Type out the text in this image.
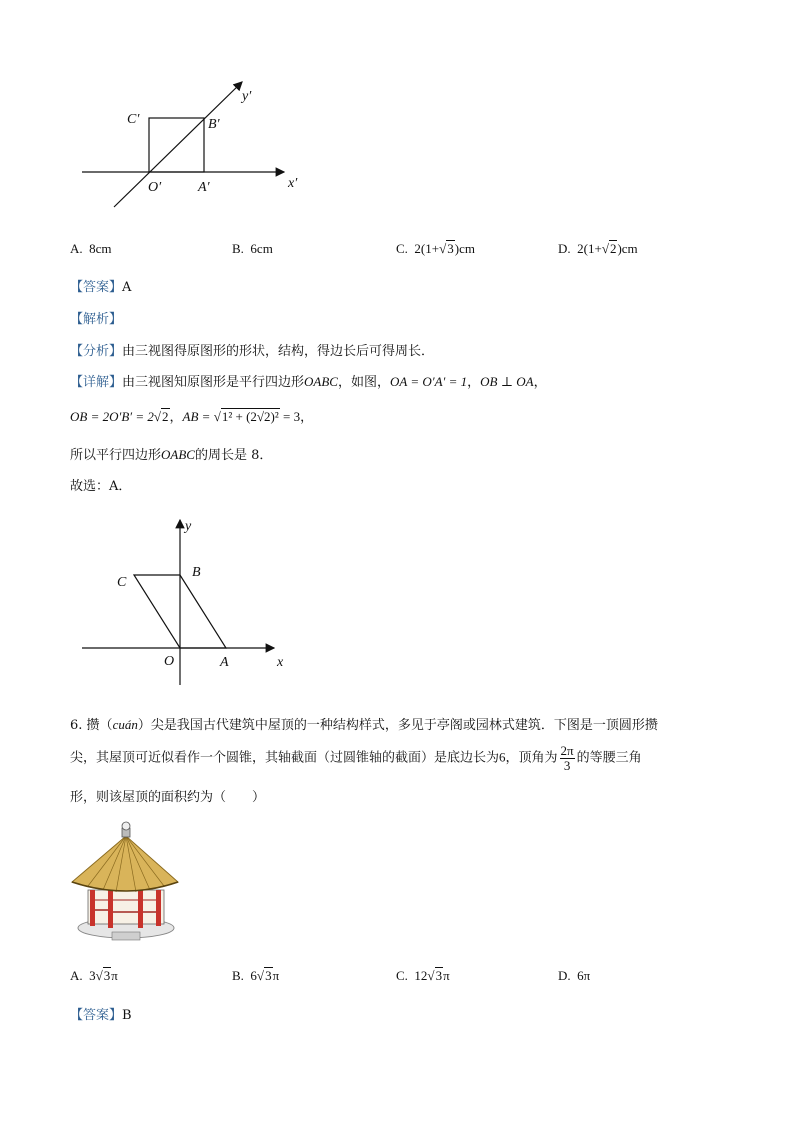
y′
C′	B′
O′	A′	x′
A. 8cm	B. 6cm	C. 2(1+√3)cm	D. 2(1+√2)cm
【答案】A
【解析】
【分析】由三视图得原图形的形状，结构，得边长后可得周长．
【详解】由三视图知原图形是平行四边形OABC，如图，OA = O′A′ = 1，OB ⊥ OA，
OB = 2O′B′ = 2√2，AB = √1² + (2√2)² = 3，
所以平行四边形OABC的周长是 8．
故选：A．
y
C
B
O	A	x
6. 攒（cuán）尖是我国古代建筑中屋顶的一种结构样式，多见于亭阁或园林式建筑．下图是一顶圆形攒
尖，其屋顶可近似看作一个圆锥，其轴截面（过圆锥轴的截面）是底边长为6，顶角为 $\frac{2\pi}{3}$ 的等腰三角
形，则该屋顶的面积约为（　　）
A. 3√3π	B. 6√3π	C. 12√3π	D. 6π
【答案】B
